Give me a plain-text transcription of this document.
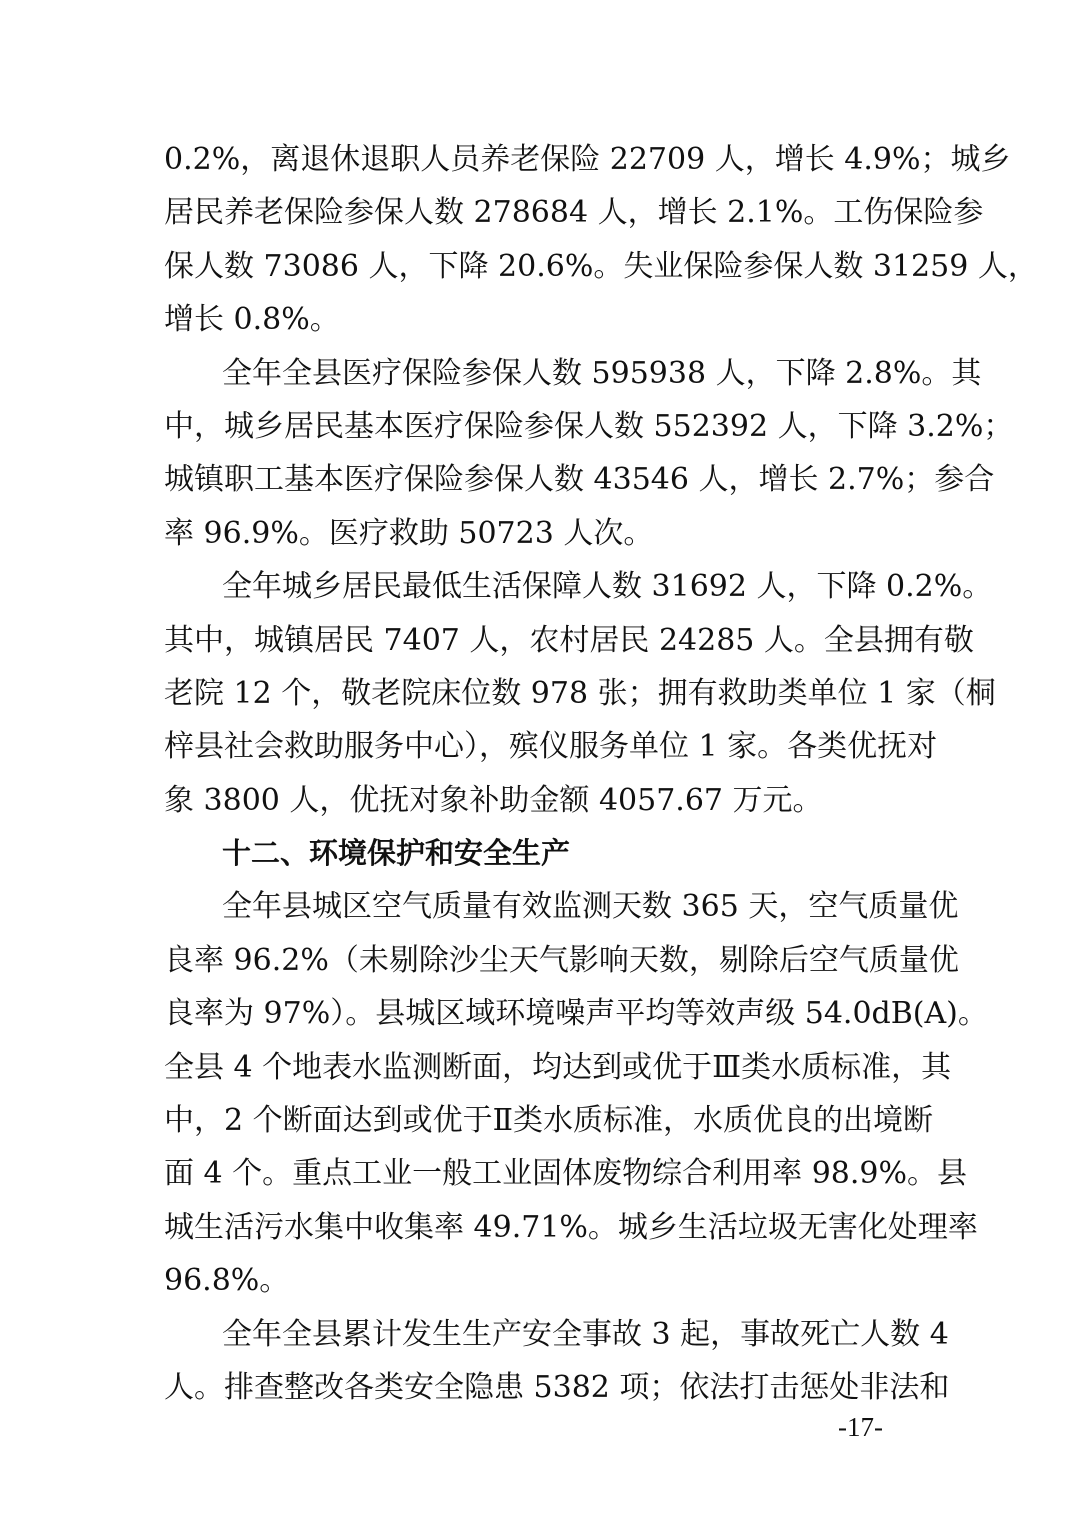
0.2%，离退休退职人员养老保险 22709 人，增长 4.9%；城乡
居民养老保险参保人数 278684 人，增长 2.1%。工伤保险参
保人数 73086 人，下降 20.6%。失业保险参保人数 31259 人，
增长 0.8%。
全年全县医疗保险参保人数 595938 人，下降 2.8%。其
中，城乡居民基本医疗保险参保人数 552392 人，下降 3.2%；
城镇职工基本医疗保险参保人数 43546 人，增长 2.7%；参合
率 96.9%。医疗救助 50723 人次。
全年城乡居民最低生活保障人数 31692 人，下降 0.2%。
其中，城镇居民 7407 人，农村居民 24285 人。全县拥有敬
老院 12 个，敬老院床位数 978 张；拥有救助类单位 1 家（桐
梓县社会救助服务中心），殡仪服务单位 1 家。各类优抚对
象 3800 人，优抚对象补助金额 4057.67 万元。
十二、环境保护和安全生产
全年县城区空气质量有效监测天数 365 天，空气质量优
良率 96.2%（未剔除沙尘天气影响天数，剔除后空气质量优
良率为 97%）。县城区域环境噪声平均等效声级 54.0dB(A)。
全县 4 个地表水监测断面，均达到或优于Ⅲ类水质标准，其
中，2 个断面达到或优于Ⅱ类水质标准，水质优良的出境断
面 4 个。重点工业一般工业固体废物综合利用率 98.9%。县
城生活污水集中收集率 49.71%。城乡生活垃圾无害化处理率
96.8%。
全年全县累计发生生产安全事故 3 起，事故死亡人数 4
人。排查整改各类安全隐患 5382 项；依法打击惩处非法和
-17-
